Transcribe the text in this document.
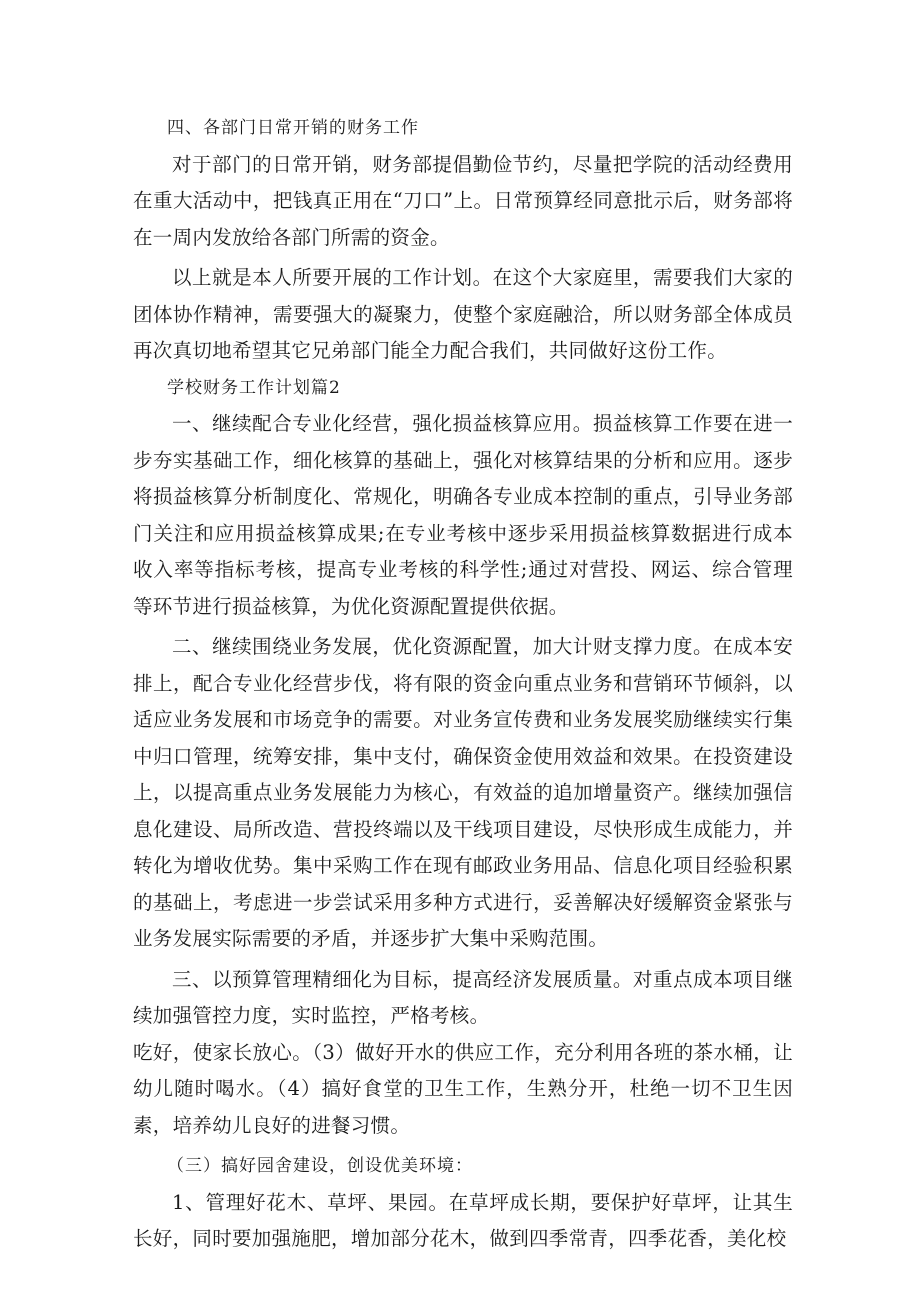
四、各部门日常开销的财务工作

对于部门的日常开销，财务部提倡勤俭节约，尽量把学院的活动经费用在重大活动中，把钱真正用在“刀口”上。日常预算经同意批示后，财务部将在一周内发放给各部门所需的资金。

以上就是本人所要开展的工作计划。在这个大家庭里，需要我们大家的团体协作精神，需要强大的凝聚力，使整个家庭融洽，所以财务部全体成员再次真切地希望其它兄弟部门能全力配合我们，共同做好这份工作。

学校财务工作计划篇2

一、继续配合专业化经营，强化损益核算应用。损益核算工作要在进一步夯实基础工作，细化核算的基础上，强化对核算结果的分析和应用。逐步将损益核算分析制度化、常规化，明确各专业成本控制的重点，引导业务部门关注和应用损益核算成果;在专业考核中逐步采用损益核算数据进行成本收入率等指标考核，提高专业考核的科学性;通过对营投、网运、综合管理等环节进行损益核算，为优化资源配置提供依据。

二、继续围绕业务发展，优化资源配置，加大计财支撑力度。在成本安排上，配合专业化经营步伐，将有限的资金向重点业务和营销环节倾斜，以适应业务发展和市场竞争的需要。对业务宣传费和业务发展奖励继续实行集中归口管理，统筹安排，集中支付，确保资金使用效益和效果。在投资建设上，以提高重点业务发展能力为核心，有效益的追加增量资产。继续加强信息化建设、局所改造、营投终端以及干线项目建设，尽快形成生成能力，并转化为增收优势。集中采购工作在现有邮政业务用品、信息化项目经验积累的基础上，考虑进一步尝试采用多种方式进行，妥善解决好缓解资金紧张与业务发展实际需要的矛盾，并逐步扩大集中采购范围。

三、以预算管理精细化为目标，提高经济发展质量。对重点成本项目继续加强管控力度，实时监控，严格考核。

吃好，使家长放心。（3）做好开水的供应工作，充分利用各班的茶水桶，让幼儿随时喝水。（4）搞好食堂的卫生工作，生熟分开，杜绝一切不卫生因素，培养幼儿良好的进餐习惯。

（三）搞好园舍建设，创设优美环境：

1、管理好花木、草坪、果园。在草坪成长期，要保护好草坪，让其生长好，同时要加强施肥，增加部分花木，做到四季常青，四季花香，美化校
